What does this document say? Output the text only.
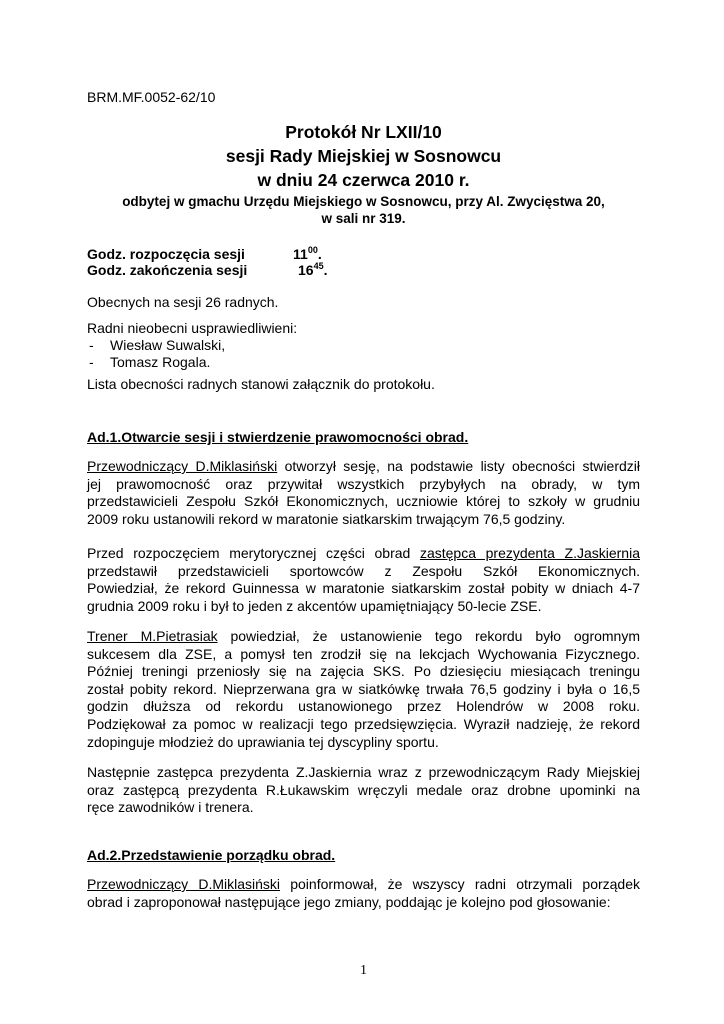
BRM.MF.0052-62/10
Protokół Nr LXII/10
sesji Rady Miejskiej w Sosnowcu
w dniu 24 czerwca 2010 r.
odbytej w gmachu Urzędu Miejskiego w Sosnowcu, przy Al. Zwycięstwa 20,
w sali nr 319.
Godz. rozpoczęcia sesji	$11^{00}$.
Godz. zakończenia sesji	$16^{45}$.
Obecnych na sesji 26 radnych.
Radni nieobecni usprawiedliwieni:
- Wiesław Suwalski,
- Tomasz Rogala.
Lista obecności radnych stanowi załącznik do protokołu.
Ad.1.Otwarcie sesji i stwierdzenie prawomocności obrad.
Przewodniczący D.Miklasiński otworzył sesję, na podstawie listy obecności stwierdził
jej prawomocność oraz przywitał wszystkich przybyłych na obrady, w tym
przedstawicieli Zespołu Szkół Ekonomicznych, uczniowie której to szkoły w grudniu
2009 roku ustanowili rekord w maratonie siatkarskim trwającym 76,5 godziny.
Przed rozpoczęciem merytorycznej części obrad zastępca prezydenta Z.Jaskiernia
przedstawił przedstawicieli sportowców z Zespołu Szkół Ekonomicznych.
Powiedział, że rekord Guinnessa w maratonie siatkarskim został pobity w dniach 4-7
grudnia 2009 roku i był to jeden z akcentów upamiętniający 50-lecie ZSE.
Trener M.Pietrasiak powiedział, że ustanowienie tego rekordu było ogromnym
sukcesem dla ZSE, a pomysł ten zrodził się na lekcjach Wychowania Fizycznego.
Później treningi przeniosły się na zajęcia SKS. Po dziesięciu miesiącach treningu
został pobity rekord. Nieprzerwana gra w siatkówkę trwała 76,5 godziny i była o 16,5
godzin dłuższa od rekordu ustanowionego przez Holendrów w 2008 roku.
Podziękował za pomoc w realizacji tego przedsięwzięcia. Wyraził nadzieję, że rekord
zdopinguje młodzież do uprawiania tej dyscypliny sportu.
Następnie zastępca prezydenta Z.Jaskiernia wraz z przewodniczącym Rady Miejskiej
oraz zastępcą prezydenta R.Łukawskim wręczyli medale oraz drobne upominki na
ręce zawodników i trenera.
Ad.2.Przedstawienie porządku obrad.
Przewodniczący D.Miklasiński poinformował, że wszyscy radni otrzymali porządek
obrad i zaproponował następujące jego zmiany, poddając je kolejno pod głosowanie:
1
